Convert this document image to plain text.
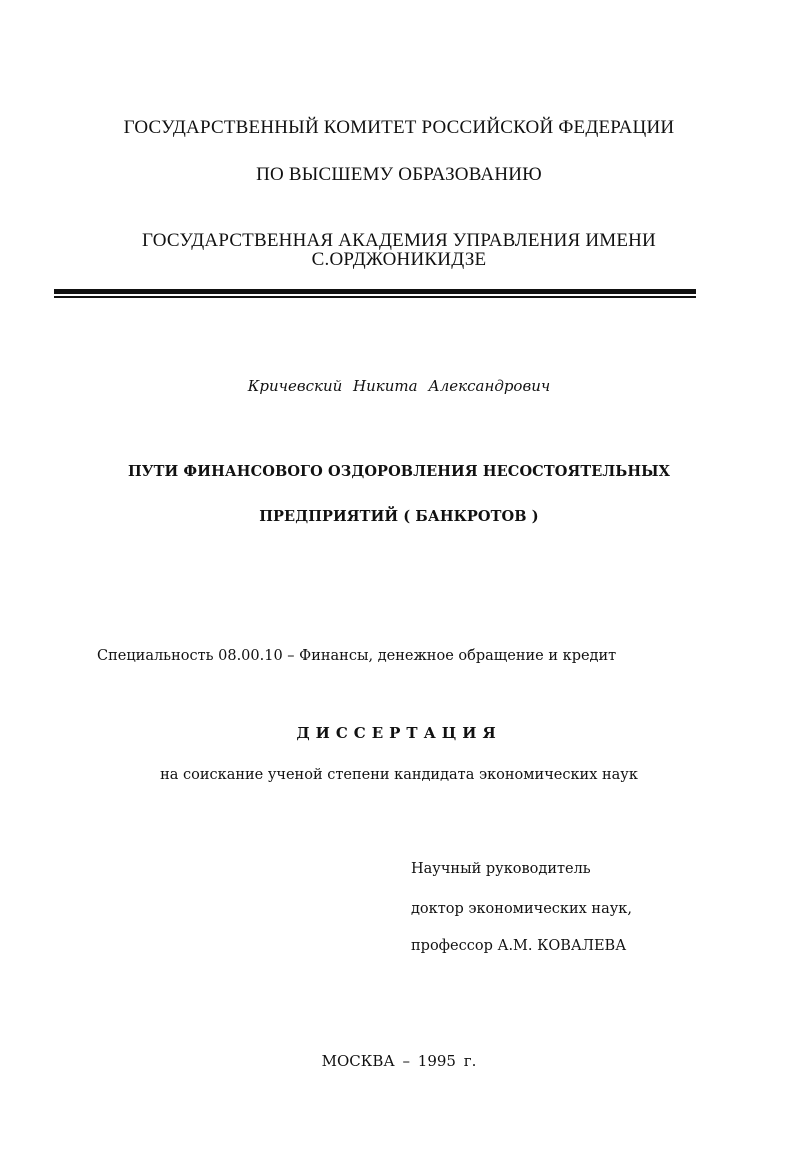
ГОСУДАРСТВЕННЫЙ КОМИТЕТ РОССИЙСКОЙ ФЕДЕРАЦИИ
ПО ВЫСШЕМУ ОБРАЗОВАНИЮ
ГОСУДАРСТВЕННАЯ АКАДЕМИЯ УПРАВЛЕНИЯ ИМЕНИ
С.ОРДЖОНИКИДЗЕ
Кричевский Никита Александрович
ПУТИ ФИНАНСОВОГО ОЗДОРОВЛЕНИЯ НЕСОСТОЯТЕЛЬНЫХ
ПРЕДПРИЯТИЙ ( БАНКРОТОВ )
Специальность 08.00.10 – Финансы, денежное обращение и кредит
ДИССЕРТАЦИЯ
на соискание ученой степени кандидата экономических наук
Научный руководитель
доктор экономических наук,
профессор А.М. КОВАЛЕВА
МОСКВА – 1995 г.
